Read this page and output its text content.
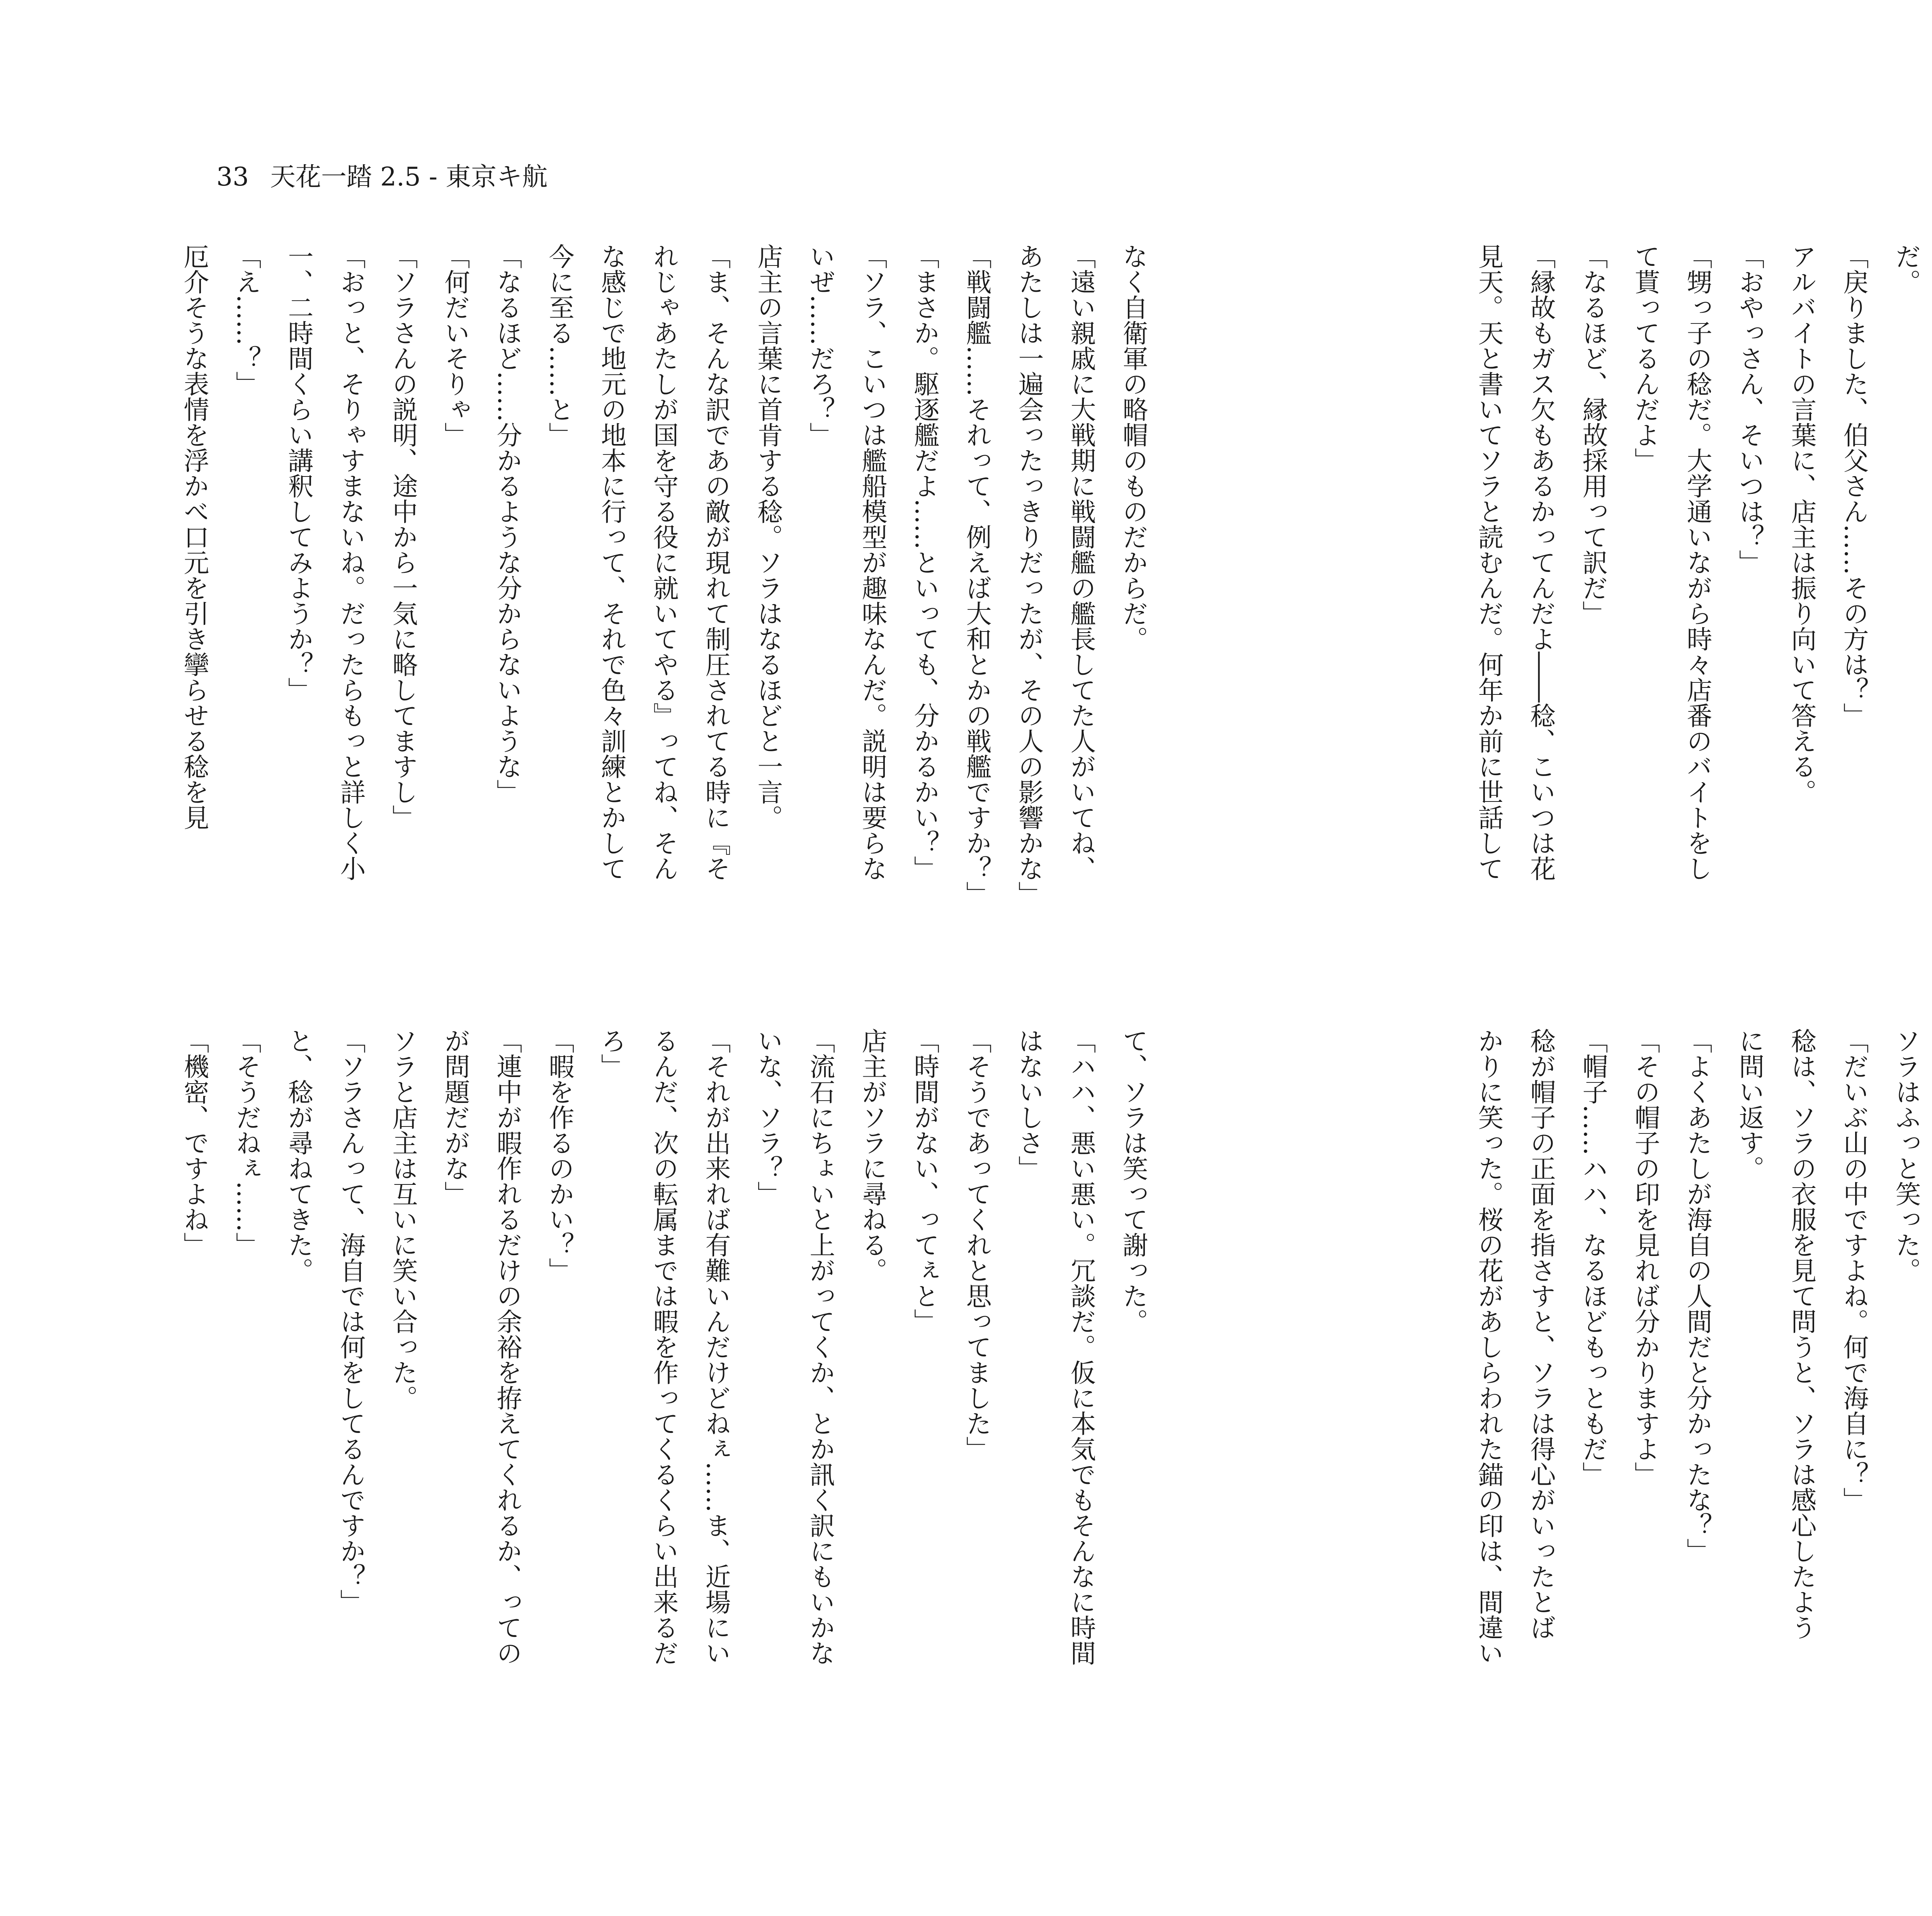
33 天花一踏 2.5 - 東京キ航
だ。
「戻りました、伯父さん……その方は？」
アルバイトの言葉に、店主は振り向いて答える。
「おやっさん、そいつは？」
「甥っ子の稔だ。大学通いながら時々店番のバイトをし
て貰ってるんだよ」
「なるほど、縁故採用って訳だ」
「縁故もガス欠もあるかってんだよ――稔、こいつは花
見天。天と書いてソラと読むんだ。何年か前に世話して
ソラはふっと笑った。
「だいぶ山の中ですよね。何で海自に？」
稔は、ソラの衣服を見て問うと、ソラは感心したよう
に問い返す。
「よくあたしが海自の人間だと分かったな？」
「その帽子の印を見れば分かりますよ」
「帽子……ハハ、なるほどもっともだ」
稔が帽子の正面を指さすと、ソラは得心がいったとば
かりに笑った。桜の花があしらわれた錨の印は、間違い
なく自衛軍の略帽のものだからだ。
「遠い親戚に大戦期に戦闘艦の艦長してた人がいてね、
あたしは一遍会ったっきりだったが、その人の影響かな」
「戦闘艦……それって、例えば大和とかの戦艦ですか？」
「まさか。駆逐艦だよ……といっても、分かるかい？」
「ソラ、こいつは艦船模型が趣味なんだ。説明は要らな
いぜ……だろ？」
店主の言葉に首肯する稔。ソラはなるほどと一言。
「ま、そんな訳であの敵が現れて制圧されてる時に『そ
れじゃあたしが国を守る役に就いてやる』ってね、そん
な感じで地元の地本に行って、それで色々訓練とかして
今に至る……と」
「なるほど……分かるような分からないような」
「何だいそりゃ」
「ソラさんの説明、途中から一気に略してますし」
「おっと、そりゃすまないね。だったらもっと詳しく小
一、二時間くらい講釈してみようか？」
「え……？」
厄介そうな表情を浮かべ口元を引き攣らせる稔を見
て、ソラは笑って謝った。
「ハハ、悪い悪い。冗談だ。仮に本気でもそんなに時間
はないしさ」
「そうであってくれと思ってました」
「時間がない、ってぇと」
店主がソラに尋ねる。
「流石にちょいと上がってくか、とか訊く訳にもいかな
いな、ソラ？」
「それが出来れば有難いんだけどねぇ……ま、近場にい
るんだ、次の転属までは暇を作ってくるくらい出来るだ
ろ」
「暇を作るのかい？」
「連中が暇作れるだけの余裕を拵えてくれるか、っての
が問題だがな」
ソラと店主は互いに笑い合った。
「ソラさんって、海自では何をしてるんですか？」
と、稔が尋ねてきた。
「そうだねぇ……」
「機密、ですよね」
